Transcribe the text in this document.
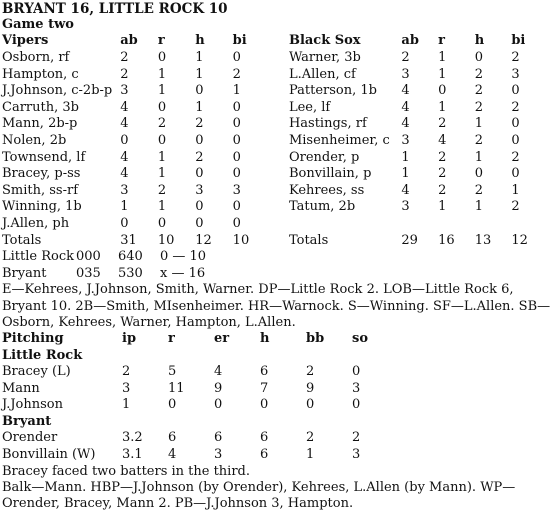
BRYANT 16, LITTLE ROCK 10
Game two
Vipers	ab	r	h	bi		Black Sox	ab	r	h	bi
Osborn, rf	2	0	1	0		Warner, 3b	2	1	0	2
Hampton, c	2	1	1	2		L.Allen, cf	3	1	2	3
J.Johnson, c-2b-p	3	1	0	1		Patterson, 1b	4	0	2	0
Carruth, 3b	4	0	1	0		Lee, lf	4	1	2	2
Mann, 2b-p	4	2	2	0		Hastings, rf	4	2	1	0
Nolen, 2b	0	0	0	0		Misenheimer, c	3	4	2	0
Townsend, lf	4	1	2	0		Orender, p	1	2	1	2
Bracey, p-ss	4	1	0	0		Bonvillain, p	1	2	0	0
Smith, ss-rf	3	2	3	3		Kehrees, ss	4	2	2	1
Winning, 1b	1	1	0	0		Tatum, 2b	3	1	1	2
J.Allen, ph	0	0	0	0						
Totals	31	10	12	10		Totals	29	16	13	12
Little Rock 000	640	0 — 10
Bryant	035	530	x — 16
E—Kehrees, J.Johnson, Smith, Warner. DP—Little Rock 2. LOB—Little Rock 6, Bryant 10. 2B—Smith, MIsenheimer. HR—Warnock. S—Winning. SF—L.Allen. SB—Osborn, Kehrees, Warner, Hampton, L.Allen.
Pitching	ip	r	er	h	bb	so
Little Rock						
Bracey (L)	2	5	4	6	2	0
Mann	3	11	9	7	9	3
J.Johnson	1	0	0	0	0	0
Bryant						
Orender	3.2	6	6	6	2	2
Bonvillain (W)	3.1	4	3	6	1	3
Bracey faced two batters in the third.
Balk—Mann. HBP—J.Johnson (by Orender), Kehrees, L.Allen (by Mann). WP—Orender, Bracey, Mann 2. PB—J.Johnson 3, Hampton.
